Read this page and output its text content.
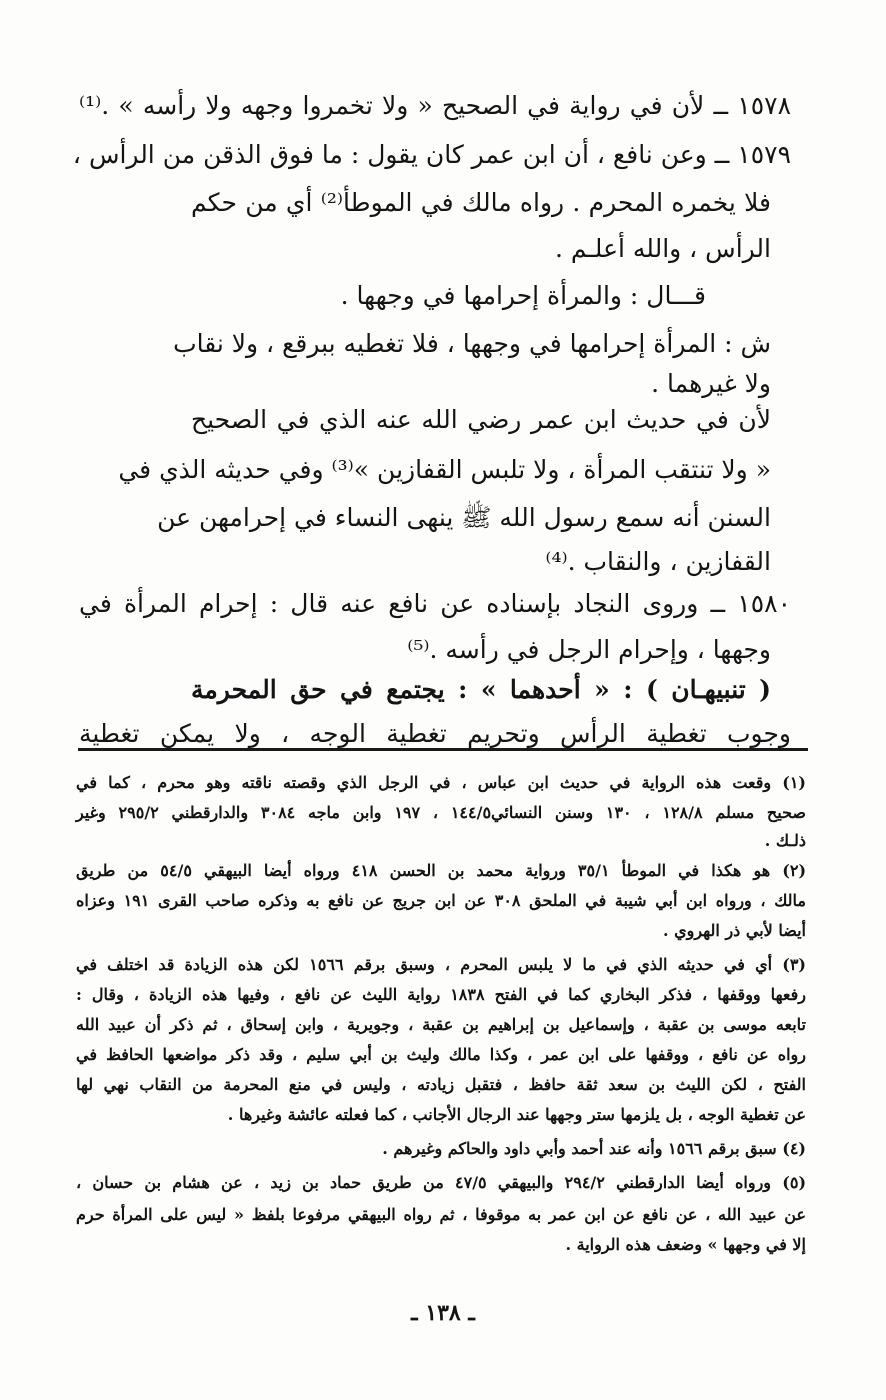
١٥٧٨ ــ لأن في رواية في الصحيح « ولا تخمروا وجهه ولا رأسه » .⁽¹⁾
١٥٧٩ ــ وعن نافع ، أن ابن عمر كان يقول : ما فوق الذقن من الرأس ،
فلا يخمره المحرم . رواه مالك في الموطأ⁽²⁾ أي من حكم
الرأس ، والله أعلـم .
قـــال : والمرأة إحرامها في وجهها .
ش : المرأة إحرامها في وجهها ، فلا تغطيه ببرقع ، ولا نقاب
ولا غيرهما .
لأن في حديث ابن عمر رضي الله عنه الذي في الصحيح
« ولا تنتقب المرأة ، ولا تلبس القفازين »⁽³⁾ وفي حديثه الذي في
السنن أنه سمع رسول الله ﷺ ينهى النساء في إحرامهن عن
القفازين ، والنقاب .⁽⁴⁾
١٥٨٠ ــ وروى النجاد بإسناده عن نافع عنه قال : إحرام المرأة في
وجهها ، وإحرام الرجل في رأسه .⁽⁵⁾
( تنبيهـان ) : « أحدهما » : يجتمع في حق المحرمة
وجوب تغطية الرأس وتحريم تغطية الوجه ، ولا يمكن تغطية
(١) وقعت هذه الرواية في حديث ابن عباس ، في الرجل الذي وقصته ناقته وهو محرم ، كما في
صحيح مسلم ١٢٨/٨ ، ١٣٠ وسنن النسائي١٤٤/٥ ، ١٩٧ وابن ماجه ٣٠٨٤ والدارقطني ٢٩٥/٢ وغير
ذلـك .
(٢) هو هكذا في الموطأ ٣٥/١ ورواية محمد بن الحسن ٤١٨ ورواه أيضا البيهقي ٥٤/٥ من طريق
مالك ، ورواه ابن أبي شيبة في الملحق ٣٠٨ عن ابن جريج عن نافع به وذكره صاحب القرى ١٩١ وعزاه
أيضا لأبي ذر الهروي .
(٣) أي في حديثه الذي في ما لا يلبس المحرم ، وسبق برقم ١٥٦٦ لكن هذه الزيادة قد اختلف في
رفعها ووقفها ، فذكر البخاري كما في الفتح ١٨٣٨ رواية الليث عن نافع ، وفيها هذه الزيادة ، وقال :
تابعه موسى بن عقبة ، وإسماعيل بن إبراهيم بن عقبة ، وجويرية ، وابن إسحاق ، ثم ذكر أن عبيد الله
رواه عن نافع ، ووقفها على ابن عمر ، وكذا مالك وليث بن أبي سليم ، وقد ذكر مواضعها الحافظ في
الفتح ، لكن الليث بن سعد ثقة حافظ ، فتقبل زيادته ، وليس في منع المحرمة من النقاب نهي لها
عن تغطية الوجه ، بل يلزمها ستر وجهها عند الرجال الأجانب ، كما فعلته عائشة وغيرها .
(٤) سبق برقم ١٥٦٦ وأنه عند أحمد وأبي داود والحاكم وغيرهم .
(٥) ورواه أيضا الدارقطني ٢٩٤/٢ والبيهقي ٤٧/٥ من طريق حماد بن زيد ، عن هشام بن حسان ،
عن عبيد الله ، عن نافع عن ابن عمر به موقوفا ، ثم رواه البيهقي مرفوعا بلفظ « ليس على المرأة حرم
إلا في وجهها » وضعف هذه الرواية .
ـ ١٣٨ ـ
